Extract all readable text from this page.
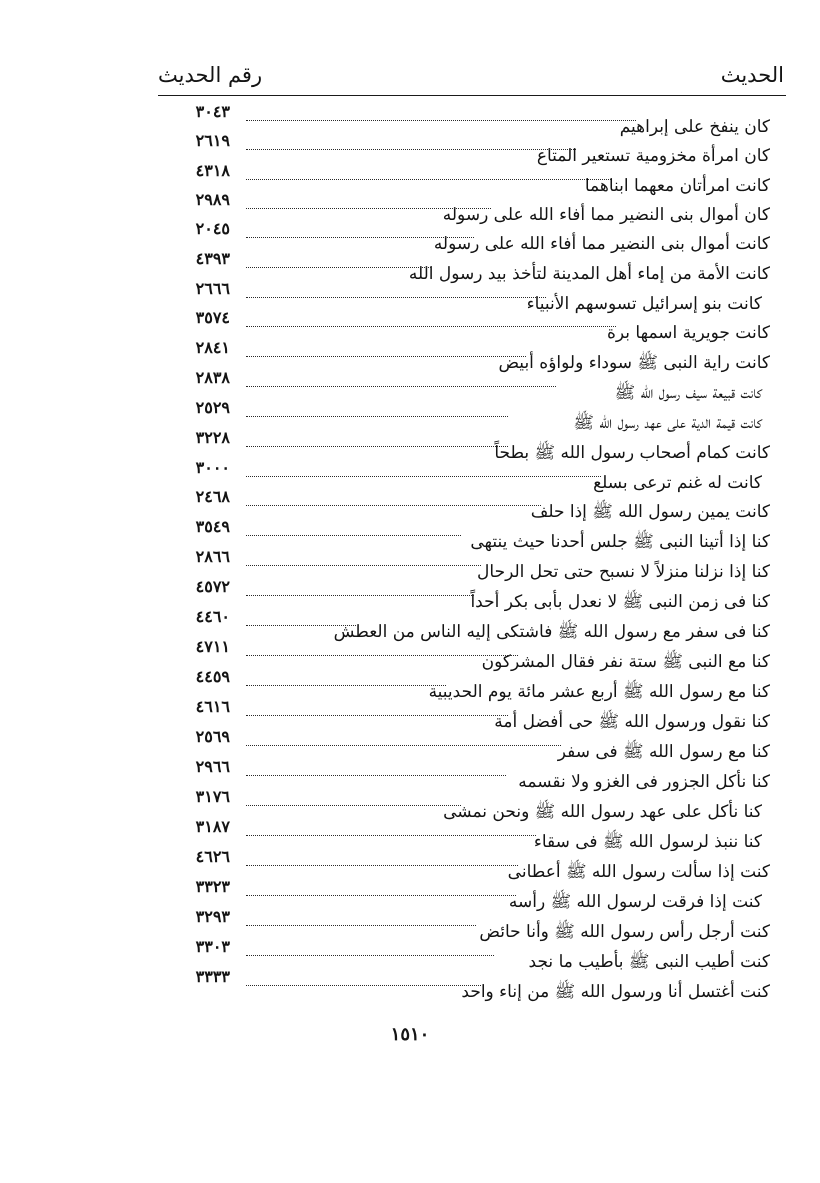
الحديث
رقم الحديث
كان ينفخ على إبراهيم
٣٠٤٣
كان امرأة مخزومية تستعير المتاع
٢٦١٩
كانت امرأتان معهما ابناهما
٤٣١٨
كان أموال بنى النضير مما أفاء الله على رسوله
٢٩٨٩
كانت أموال بنى النضير مما أفاء الله على رسوله
٢٠٤٥
كانت الأمة من إماء أهل المدينة لتأخذ بيد رسول الله
٤٣٩٣
كانت بنو إسرائيل تسوسهم الأنبياء
٢٦٦٦
كانت جويرية اسمها برة
٣٥٧٤
كانت راية النبى ﷺ سوداء ولواؤه أبيض
٢٨٤١
كانت قبيعة سيف رسول الله ﷺ
٢٨٣٨
كانت قيمة الدية على عهد رسول الله ﷺ
٢٥٢٩
كانت كمام أصحاب رسول الله ﷺ بطحاً
٣٢٢٨
كانت له غنم ترعى بسلع
٣٠٠٠
كانت يمين رسول الله ﷺ إذا حلف
٢٤٦٨
كنا إذا أتينا النبى ﷺ جلس أحدنا حيث ينتهى
٣٥٤٩
كنا إذا نزلنا منزلاً لا نسبح حتى تحل الرحال
٢٨٦٦
كنا فى زمن النبى ﷺ لا نعدل بأبى بكر أحداً
٤٥٧٢
كنا فى سفر مع رسول الله ﷺ فاشتكى إليه الناس من العطش
٤٤٦٠
كنا مع النبى ﷺ ستة نفر فقال المشركون
٤٧١١
كنا مع رسول الله ﷺ أربع عشر مائة يوم الحديبية
٤٤٥٩
كنا نقول ورسول الله ﷺ حى أفضل أمة
٤٦١٦
كنا مع رسول الله ﷺ فى سفر
٢٥٦٩
كنا نأكل الجزور فى الغزو ولا نقسمه
٢٩٦٦
كنا نأكل على عهد رسول الله ﷺ ونحن نمشى
٣١٧٦
كنا ننبذ لرسول الله ﷺ فى سقاء
٣١٨٧
كنت إذا سألت رسول الله ﷺ أعطانى
٤٦٢٦
كنت إذا فرقت لرسول الله ﷺ رأسه
٣٣٢٣
كنت أرجل رأس رسول الله ﷺ وأنا حائض
٣٢٩٣
كنت أطيب النبى ﷺ بأطيب ما نجد
٣٣٠٣
كنت أغتسل أنا ورسول الله ﷺ من إناء واحد
٣٣٣٣
١٥١٠
